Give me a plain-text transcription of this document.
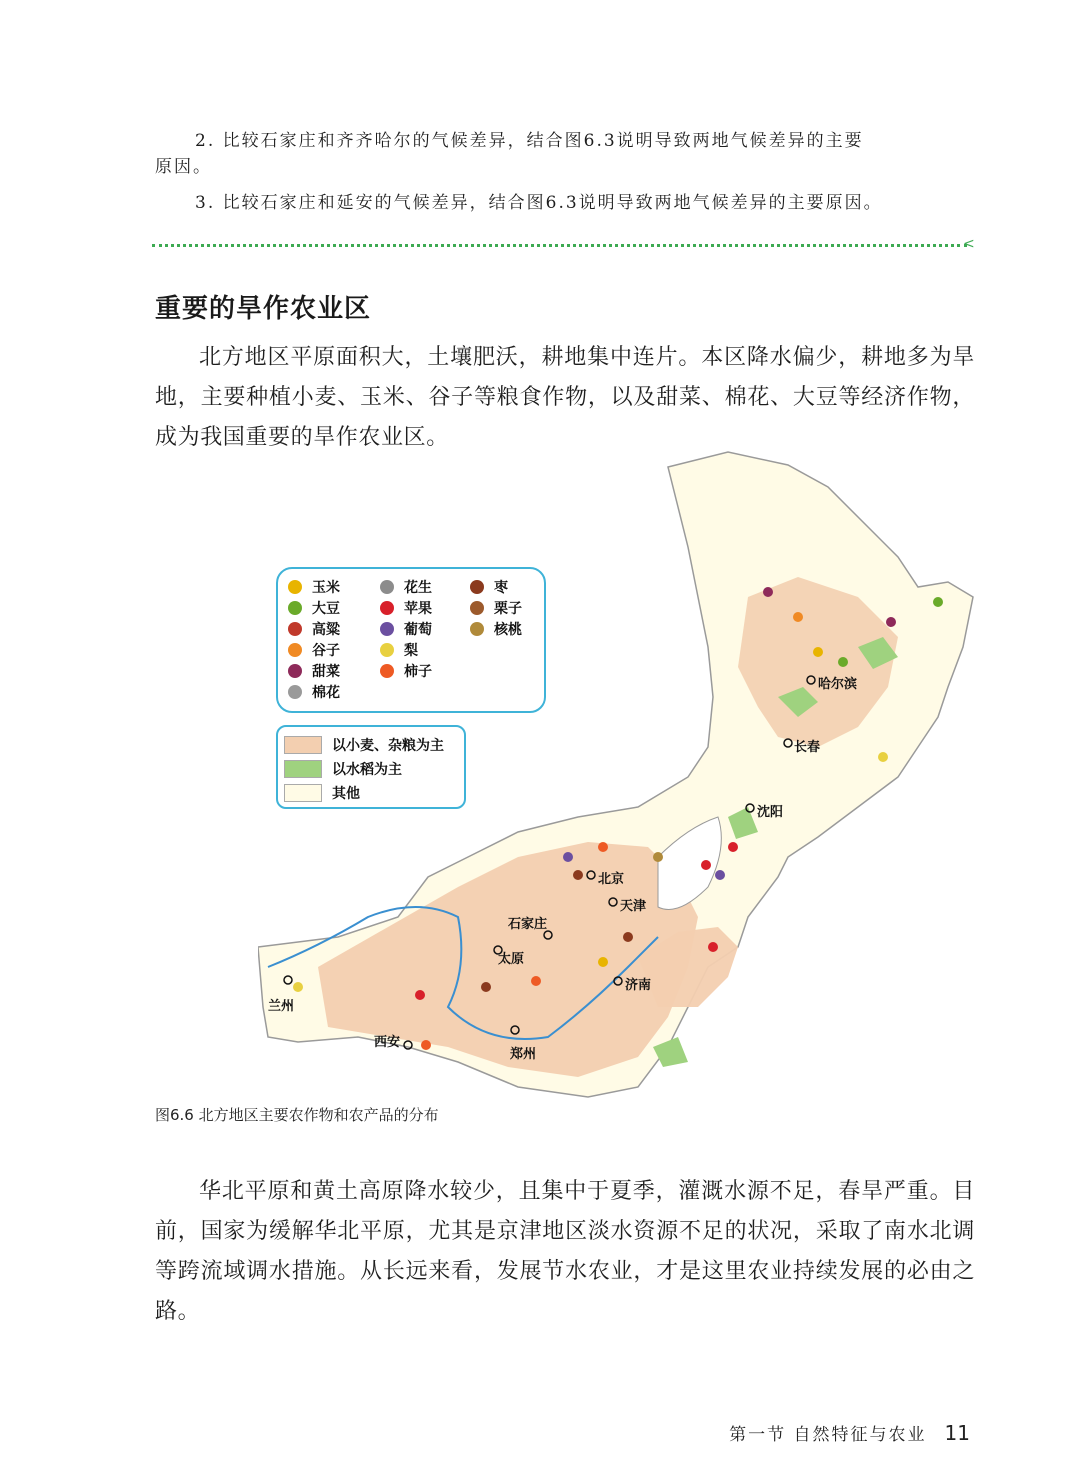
2. 比较石家庄和齐齐哈尔的气候差异，结合图6.3说明导致两地气候差异的主要
原因。
3. 比较石家庄和延安的气候差异，结合图6.3说明导致两地气候差异的主要原因。
<
重要的旱作农业区
北方地区平原面积大，土壤肥沃，耕地集中连片。本区降水偏少，耕地多为旱地，主要种植小麦、玉米、谷子等粮食作物，以及甜菜、棉花、大豆等经济作物，成为我国重要的旱作农业区。
玉米
大豆
高粱
谷子
甜菜
棉花
花生
苹果
葡萄
梨
柿子
枣
栗子
核桃
以小麦、杂粮为主
以水稻为主
其他
哈尔滨
长春
沈阳
北京
天津
石家庄
太原
济南
兰州
西安
郑州
图6.6 北方地区主要农作物和农产品的分布
华北平原和黄土高原降水较少，且集中于夏季，灌溉水源不足，春旱严重。目前，国家为缓解华北平原，尤其是京津地区淡水资源不足的状况，采取了南水北调等跨流域调水措施。从长远来看，发展节水农业，才是这里农业持续发展的必由之路。
第一节 自然特征与农业 11
